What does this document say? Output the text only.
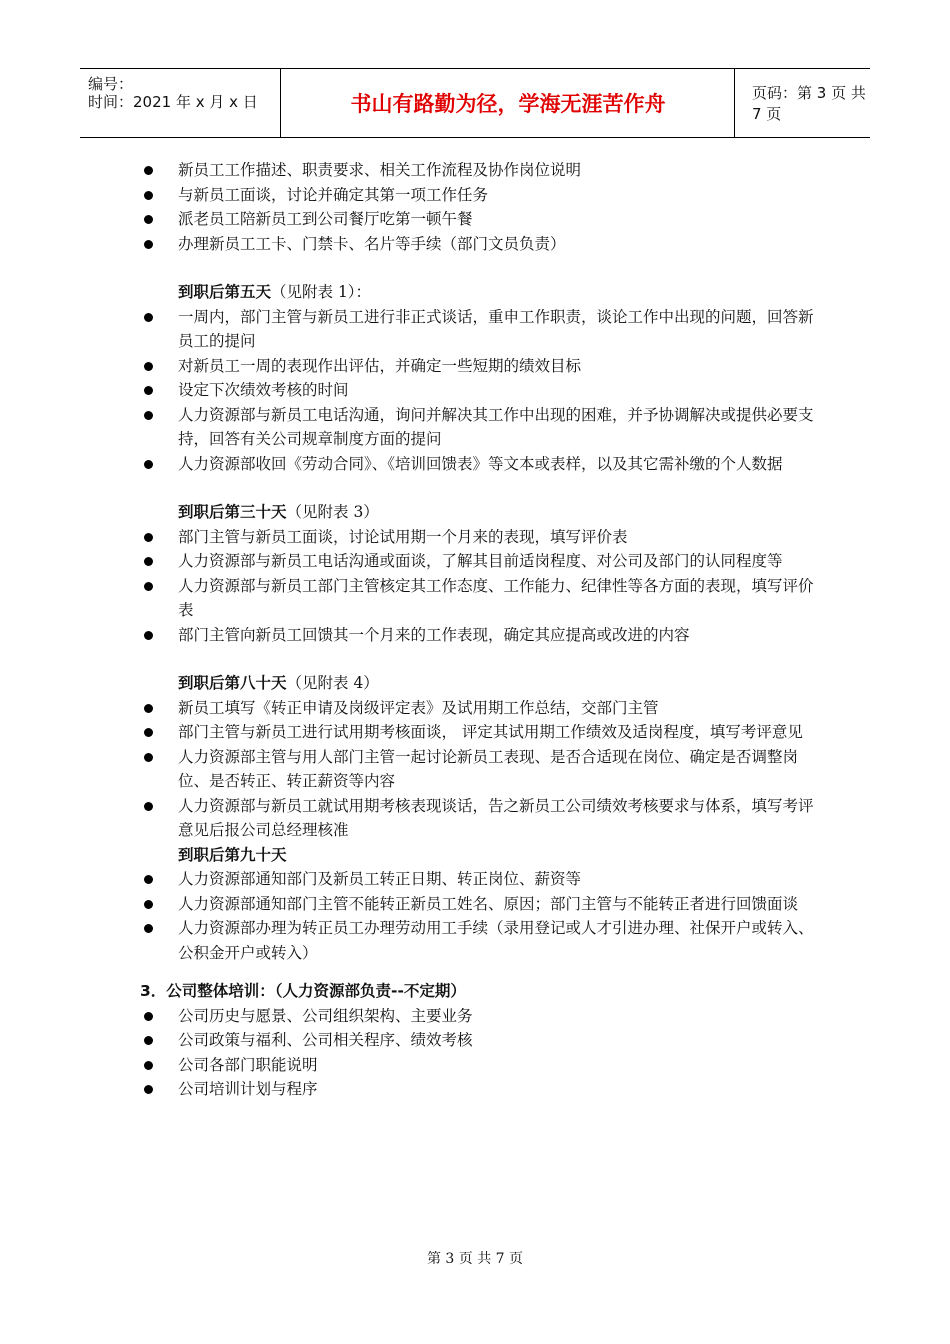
编号：
时间：2021 年 x 月 x 日	书山有路勤为径，学海无涯苦作舟	页码：第 3 页 共 7 页
新员工工作描述、职责要求、相关工作流程及协作岗位说明
与新员工面谈，讨论并确定其第一项工作任务
派老员工陪新员工到公司餐厅吃第一顿午餐
办理新员工工卡、门禁卡、名片等手续（部门文员负责）
到职后第五天（见附表 1）：
一周内，部门主管与新员工进行非正式谈话，重申工作职责，谈论工作中出现的问题，回答新员工的提问
对新员工一周的表现作出评估，并确定一些短期的绩效目标
设定下次绩效考核的时间
人力资源部与新员工电话沟通，询问并解决其工作中出现的困难，并予协调解决或提供必要支持，回答有关公司规章制度方面的提问
人力资源部收回《劳动合同》、《培训回馈表》等文本或表样，以及其它需补缴的个人数据
到职后第三十天（见附表 3）
部门主管与新员工面谈，讨论试用期一个月来的表现，填写评价表
人力资源部与新员工电话沟通或面谈，了解其目前适岗程度、对公司及部门的认同程度等
人力资源部与新员工部门主管核定其工作态度、工作能力、纪律性等各方面的表现，填写评价表
部门主管向新员工回馈其一个月来的工作表现，确定其应提高或改进的内容
到职后第八十天（见附表 4）
新员工填写《转正申请及岗级评定表》及试用期工作总结，交部门主管
部门主管与新员工进行试用期考核面谈， 评定其试用期工作绩效及适岗程度，填写考评意见
人力资源部主管与用人部门主管一起讨论新员工表现、是否合适现在岗位、确定是否调整岗位、是否转正、转正薪资等内容
人力资源部与新员工就试用期考核表现谈话，告之新员工公司绩效考核要求与体系，填写考评意见后报公司总经理核准
到职后第九十天
人力资源部通知部门及新员工转正日期、转正岗位、薪资等
人力资源部通知部门主管不能转正新员工姓名、原因；部门主管与不能转正者进行回馈面谈
人力资源部办理为转正员工办理劳动用工手续（录用登记或人才引进办理、社保开户或转入、公积金开户或转入）
3．公司整体培训：（人力资源部负责--不定期）
公司历史与愿景、公司组织架构、主要业务
公司政策与福利、公司相关程序、绩效考核
公司各部门职能说明
公司培训计划与程序
第 3 页 共 7 页
